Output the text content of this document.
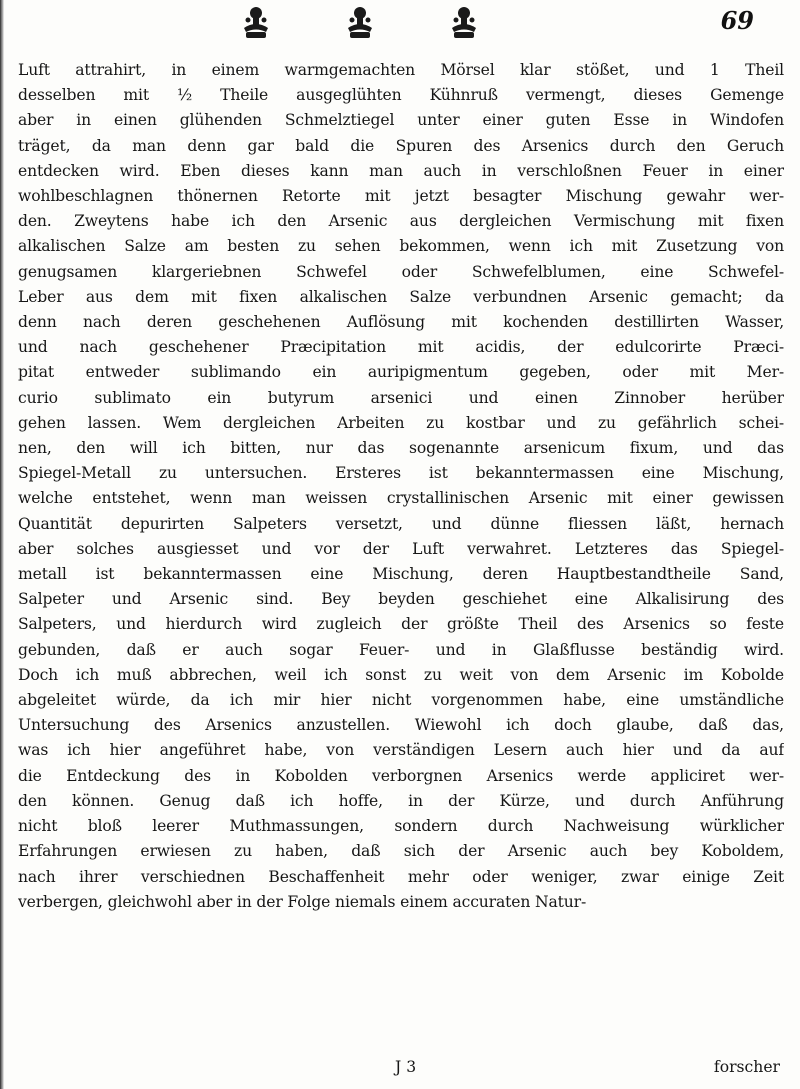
69
Luft attrahirt, in einem warmgemachten Mörsel klar stößet, und 1 Theil
desselben mit ½ Theile ausgeglühten Kühnruß vermengt, dieses Gemenge
aber in einen glühenden Schmelztiegel unter einer guten Esse in Windofen
träget, da man denn gar bald die Spuren des Arsenics durch den Geruch
entdecken wird. Eben dieses kann man auch in verschloßnen Feuer in einer
wohlbeschlagnen thönernen Retorte mit jetzt besagter Mischung gewahr wer-
den. Zweytens habe ich den Arsenic aus dergleichen Vermischung mit fixen
alkalischen Salze am besten zu sehen bekommen, wenn ich mit Zusetzung von
genugsamen klargeriebnen Schwefel oder Schwefelblumen, eine Schwefel-
Leber aus dem mit fixen alkalischen Salze verbundnen Arsenic gemacht; da
denn nach deren geschehenen Auflösung mit kochenden destillirten Wasser,
und nach geschehener Præcipitation mit acidis, der edulcorirte Præci-
pitat entweder sublimando ein auripigmentum gegeben, oder mit Mer-
curio sublimato ein butyrum arsenici und einen Zinnober herüber
gehen lassen. Wem dergleichen Arbeiten zu kostbar und zu gefährlich schei-
nen, den will ich bitten, nur das sogenannte arsenicum fixum, und das
Spiegel-Metall zu untersuchen. Ersteres ist bekanntermassen eine Mischung,
welche entstehet, wenn man weissen crystallinischen Arsenic mit einer gewissen
Quantität depurirten Salpeters versetzt, und dünne fliessen läßt, hernach
aber solches ausgiesset und vor der Luft verwahret. Letzteres das Spiegel-
metall ist bekanntermassen eine Mischung, deren Hauptbestandtheile Sand,
Salpeter und Arsenic sind. Bey beyden geschiehet eine Alkalisirung des
Salpeters, und hierdurch wird zugleich der größte Theil des Arsenics so feste
gebunden, daß er auch sogar Feuer- und in Glaßflusse beständig wird.
Doch ich muß abbrechen, weil ich sonst zu weit von dem Arsenic im Kobolde
abgeleitet würde, da ich mir hier nicht vorgenommen habe, eine umständliche
Untersuchung des Arsenics anzustellen. Wiewohl ich doch glaube, daß das,
was ich hier angeführet habe, von verständigen Lesern auch hier und da auf
die Entdeckung des in Kobolden verborgnen Arsenics werde appliciret wer-
den können. Genug daß ich hoffe, in der Kürze, und durch Anführung
nicht bloß leerer Muthmassungen, sondern durch Nachweisung würklicher
Erfahrungen erwiesen zu haben, daß sich der Arsenic auch bey Koboldem,
nach ihrer verschiednen Beschaffenheit mehr oder weniger, zwar einige Zeit
verbergen, gleichwohl aber in der Folge niemals einem accuraten Natur-
J 3	forscher
